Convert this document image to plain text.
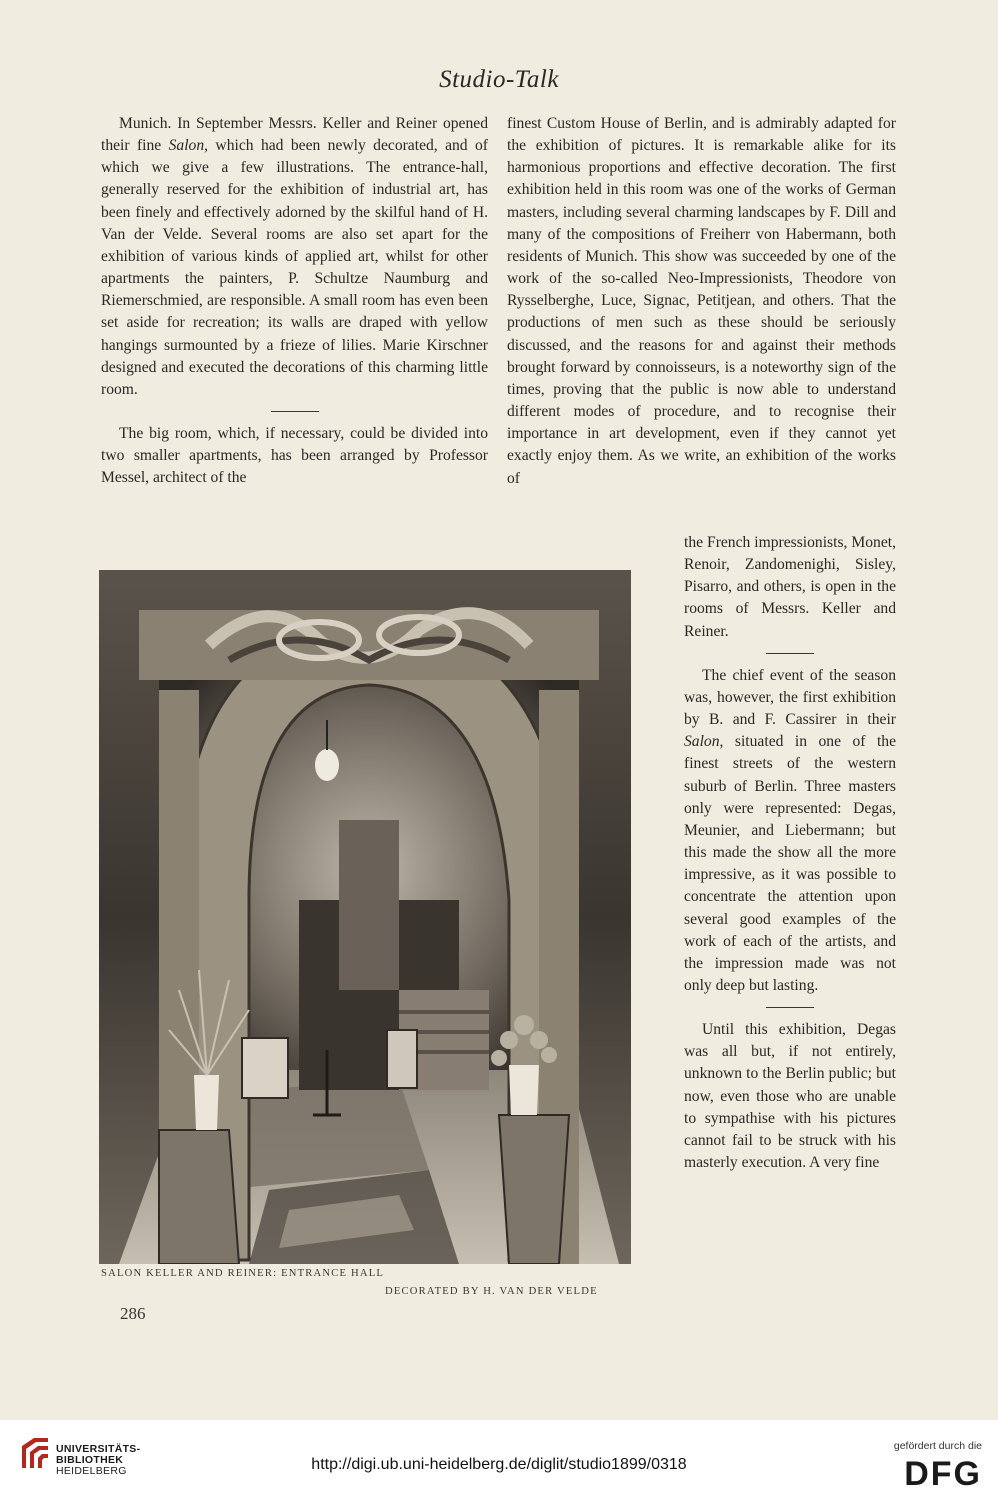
Studio-Talk

Munich. In September Messrs. Keller and Reiner opened their fine Salon, which had been newly decorated, and of which we give a few illustrations. The entrance-hall, generally reserved for the exhibition of industrial art, has been finely and effectively adorned by the skilful hand of H. Van der Velde. Several rooms are also set apart for the exhibition of various kinds of applied art, whilst for other apartments the painters, P. Schultze Naumburg and Riemerschmied, are responsible. A small room has even been set aside for recreation; its walls are draped with yellow hangings surmounted by a frieze of lilies. Marie Kirschner designed and executed the decorations of this charming little room.

The big room, which, if necessary, could be divided into two smaller apartments, has been arranged by Professor Messel, architect of the

finest Custom House of Berlin, and is admirably adapted for the exhibition of pictures. It is remarkable alike for its harmonious proportions and effective decoration. The first exhibition held in this room was one of the works of German masters, including several charming landscapes by F. Dill and many of the compositions of Freiherr von Habermann, both residents of Munich. This show was succeeded by one of the work of the so-called Neo-Impressionists, Theodore von Rysselberghe, Luce, Signac, Petitjean, and others. That the productions of men such as these should be seriously discussed, and the reasons for and against their methods brought forward by connoisseurs, is a noteworthy sign of the times, proving that the public is now able to understand different modes of procedure, and to recognise their importance in art development, even if they cannot yet exactly enjoy them. As we write, an exhibition of the works of

the French impressionists, Monet, Renoir, Zandomenighi, Sisley, Pisarro, and others, is open in the rooms of Messrs. Keller and Reiner.

The chief event of the season was, however, the first exhibition by B. and F. Cassirer in their Salon, situated in one of the finest streets of the western suburb of Berlin. Three masters only were represented: Degas, Meunier, and Liebermann; but this made the show all the more impressive, as it was possible to concentrate the attention upon several good examples of the work of each of the artists, and the impression made was not only deep but lasting.

Until this exhibition, Degas was all but, if not entirely, unknown to the Berlin public; but now, even those who are unable to sympathise with his pictures cannot fail to be struck with his masterly execution. A very fine

SALON KELLER AND REINER: ENTRANCE HALL
DECORATED BY H. VAN DER VELDE
286
UNIVERSITÄTS-
BIBLIOTHEK
HEIDELBERG	http://digi.ub.uni-heidelberg.de/diglit/studio1899/0318
gefördert durch die
DFG
